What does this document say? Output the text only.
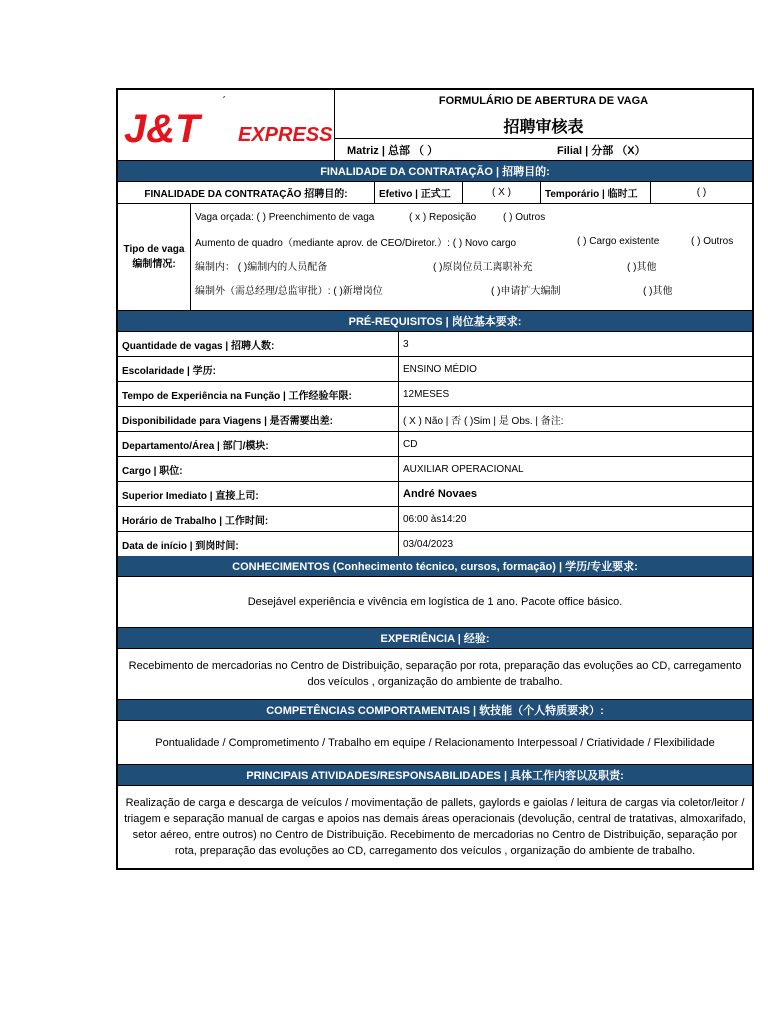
ˊ
J&T EXPRESS
FORMULÁRIO DE ABERTURA DE VAGA
招聘审核表
Matriz | 总部 （ ）	Filial | 分部 （X）
FINALIDADE DA CONTRATAÇÃO | 招聘目的:
FINALIDADE DA CONTRATAÇÃO 招聘目的:	Efetivo | 正式工	( X )	Temporário | 临时工	( )
Tipo de vaga 编制情况:
Vaga orçada: ( ) Preenchimento de vaga	( x ) Reposição	( ) Outros
Aumento de quadro（mediante aprov. de CEO/Diretor.）: ( ) Novo cargo	( ) Cargo existente	( ) Outros
编制内： ( )编制内的人员配备	( )原岗位员工离职补充	( )其他
编制外（需总经理/总监审批）: ( )新增岗位	( )申请扩大编制	( )其他
PRÉ-REQUISITOS | 岗位基本要求:
Quantidade de vagas | 招聘人数:	3
Escolaridade | 学历:	ENSINO MÉDIO
Tempo de Experiência na Função | 工作经验年限:	12MESES
Disponibilidade para Viagens | 是否需要出差:	( X ) Não | 否 ( )Sim | 是 Obs. | 备注:
Departamento/Área | 部门/模块:	CD
Cargo | 职位:	AUXILIAR OPERACIONAL
Superior Imediato | 直接上司:	André Novaes
Horário de Trabalho | 工作时间:	06:00 às14:20
Data de início | 到岗时间:	03/04/2023
CONHECIMENTOS (Conhecimento técnico, cursos, formação) | 学历/专业要求:
Desejável experiência e vivência em logística de 1 ano. Pacote office básico.
EXPERIÊNCIA | 经验:
Recebimento de mercadorias no Centro de Distribuição, separação por rota, preparação das evoluções ao CD, carregamento dos veículos , organização do ambiente de trabalho.
COMPETÊNCIAS COMPORTAMENTAIS | 软技能（个人特质要求）:
Pontualidade / Comprometimento / Trabalho em equipe / Relacionamento Interpessoal / Criatividade / Flexibilidade
PRINCIPAIS ATIVIDADES/RESPONSABILIDADES | 具体工作内容以及职责:
Realização de carga e descarga de veículos / movimentação de pallets, gaylords e gaiolas / leitura de cargas via coletor/leitor / triagem e separação manual de cargas e apoios nas demais áreas operacionais (devolução, central de tratativas, almoxarifado, setor aéreo, entre outros) no Centro de Distribuição. Recebimento de mercadorias no Centro de Distribuição, separação por rota, preparação das evoluções ao CD, carregamento dos veículos , organização do ambiente de trabalho.
